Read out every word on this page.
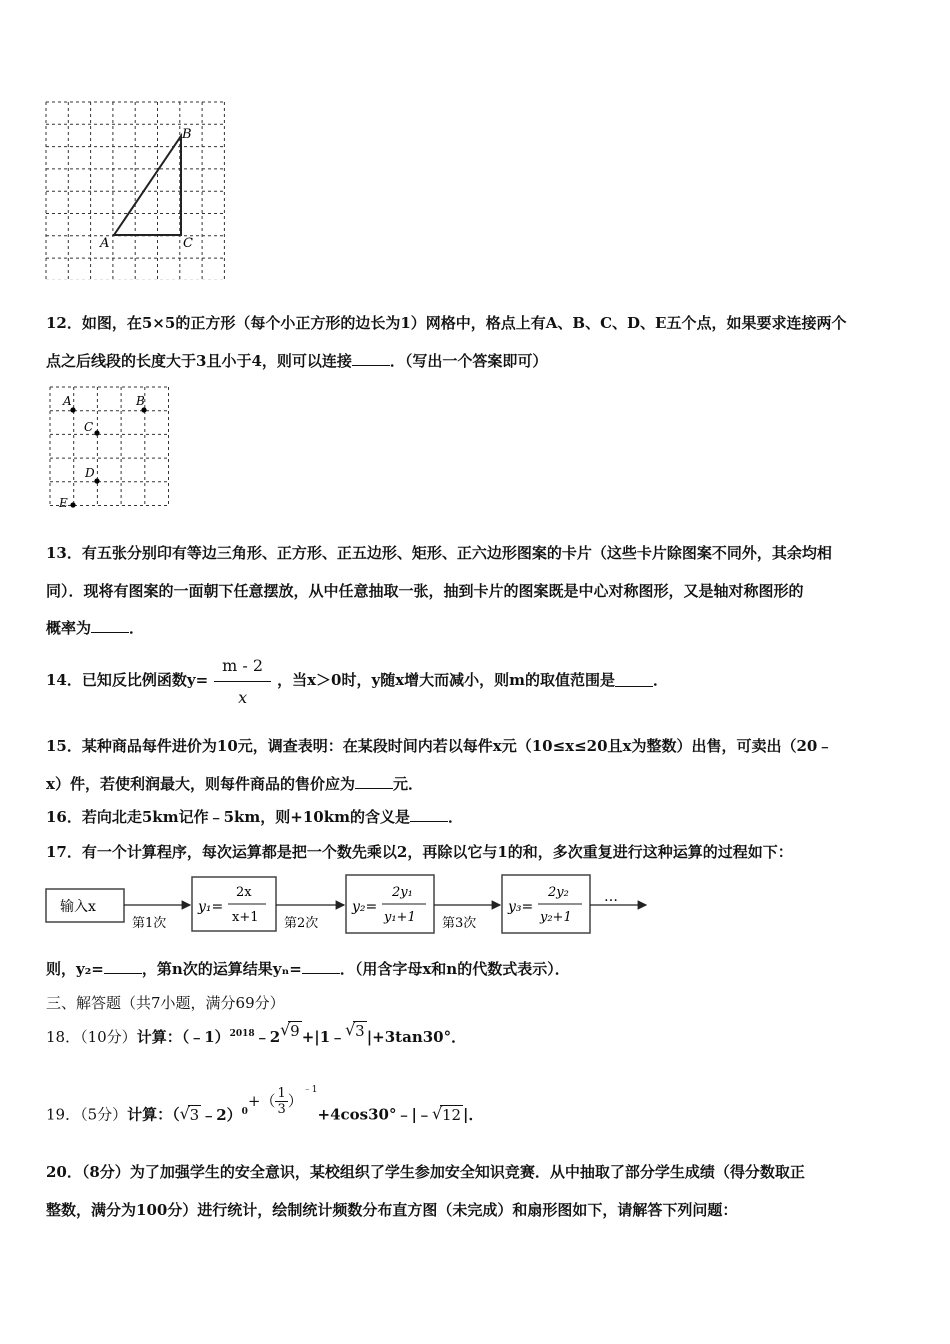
A
B
C
12．如图，在5×5的正方形（每个小正方形的边长为1）网格中，格点上有A、B、C、D、E五个点，如果要求连接两个
点之后线段的长度大于3且小于4，则可以连接	．（写出一个答案即可）
A	B
C
D
E
13．有五张分别印有等边三角形、正方形、正五边形、矩形、正六边形图案的卡片（这些卡片除图案不同外，其余均相
同）．现将有图案的一面朝下任意摆放，从中任意抽取一张，抽到卡片的图案既是中心对称图形，又是轴对称图形的
概率为	．
14．已知反比例函数$y= \frac{m - 2}{x}$ ，当x＞0时，y随x增大而减小，则m的取值范围是	．
15．某种商品每件进价为10元，调查表明：在某段时间内若以每件x元（10≤x≤20且x为整数）出售，可卖出（20﹣
x）件，若使利润最大，则每件商品的售价应为	元．
16．若向北走5km记作﹣5km，则+10km的含义是	．
17．有一个计算程序，每次运算都是把一个数先乘以2，再除以它与1的和，多次重复进行这种运算的过程如下：
输入x
第1次
y₁=
2x
x+1 第2次
y₂=
2y₁
y₁+1 第3次
y₃=
2y₂
y₂+1
…
则，y₂=	，第n次的运算结果yₙ=	．（用含字母x和n的代数式表示）．
三、解答题（共7小题，满分69分）
18．（10分）计算：（﹣1）$^{2018}$﹣2 √ 9 +|1﹣ √ 3 |+3tan30°．
19．（5分）计算：（ √ 3 ﹣2）$^0$+（ $\frac{1}{3}$ ）$^{﹣1}$+4cos30°﹣|﹣ √ 12 |．
20．（8分）为了加强学生的安全意识，某校组织了学生参加安全知识竞赛．从中抽取了部分学生成绩（得分数取正
整数，满分为100分）进行统计，绘制统计频数分布直方图（未完成）和扇形图如下，请解答下列问题：
